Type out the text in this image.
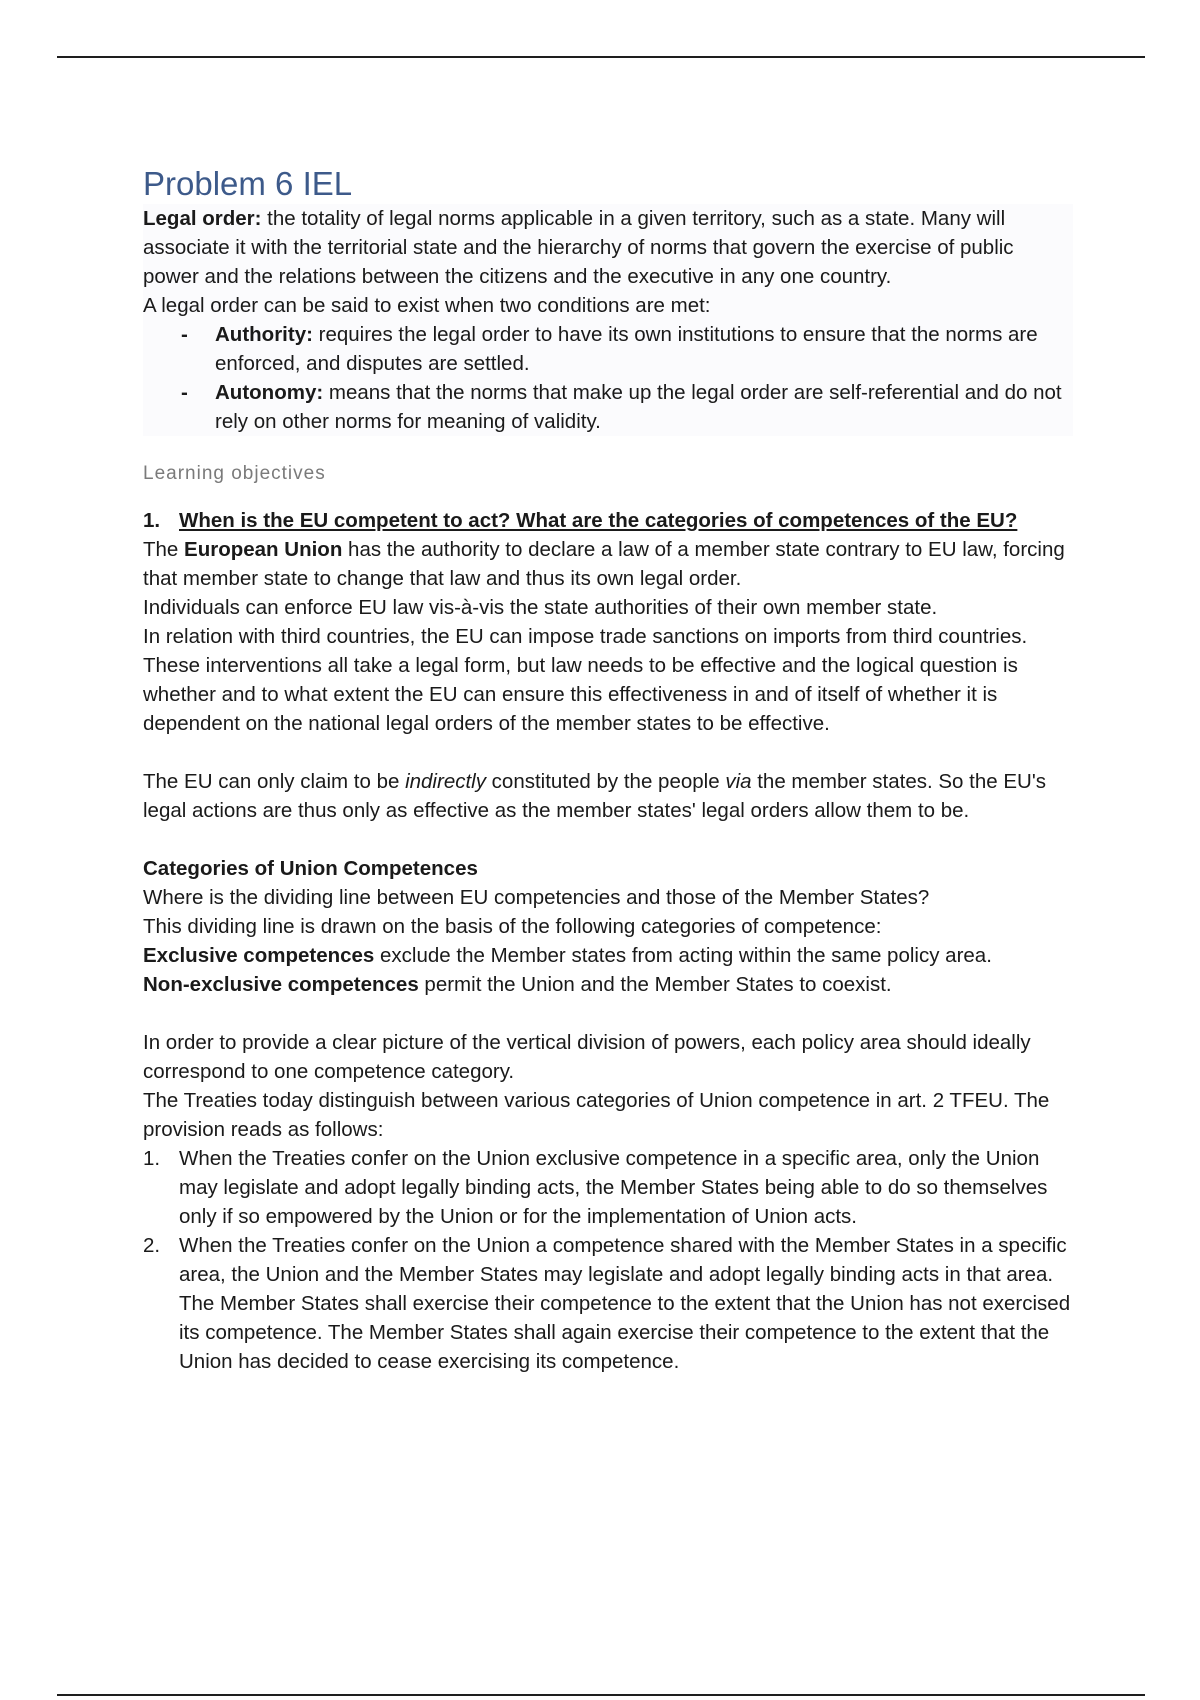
Problem 6 IEL

Legal order: the totality of legal norms applicable in a given territory, such as a state. Many will associate it with the territorial state and the hierarchy of norms that govern the exercise of public power and the relations between the citizens and the executive in any one country.

A legal order can be said to exist when two conditions are met:

- Authority: requires the legal order to have its own institutions to ensure that the norms are enforced, and disputes are settled.
- Autonomy: means that the norms that make up the legal order are self-referential and do not rely on other norms for meaning of validity.
Learning objectives
1. When is the EU competent to act? What are the categories of competences of the EU?

The European Union has the authority to declare a law of a member state contrary to EU law, forcing that member state to change that law and thus its own legal order.

Individuals can enforce EU law vis-à-vis the state authorities of their own member state.

In relation with third countries, the EU can impose trade sanctions on imports from third countries. These interventions all take a legal form, but law needs to be effective and the logical question is whether and to what extent the EU can ensure this effectiveness in and of itself of whether it is dependent on the national legal orders of the member states to be effective.

The EU can only claim to be indirectly constituted by the people via the member states. So the EU's legal actions are thus only as effective as the member states' legal orders allow them to be.

Categories of Union Competences

Where is the dividing line between EU competencies and those of the Member States?

This dividing line is drawn on the basis of the following categories of competence:

Exclusive competences exclude the Member states from acting within the same policy area.

Non-exclusive competences permit the Union and the Member States to coexist.

In order to provide a clear picture of the vertical division of powers, each policy area should ideally correspond to one competence category.

The Treaties today distinguish between various categories of Union competence in art. 2 TFEU. The provision reads as follows:

1. When the Treaties confer on the Union exclusive competence in a specific area, only the Union may legislate and adopt legally binding acts, the Member States being able to do so themselves only if so empowered by the Union or for the implementation of Union acts.
2. When the Treaties confer on the Union a competence shared with the Member States in a specific area, the Union and the Member States may legislate and adopt legally binding acts in that area. The Member States shall exercise their competence to the extent that the Union has not exercised its competence. The Member States shall again exercise their competence to the extent that the Union has decided to cease exercising its competence.
